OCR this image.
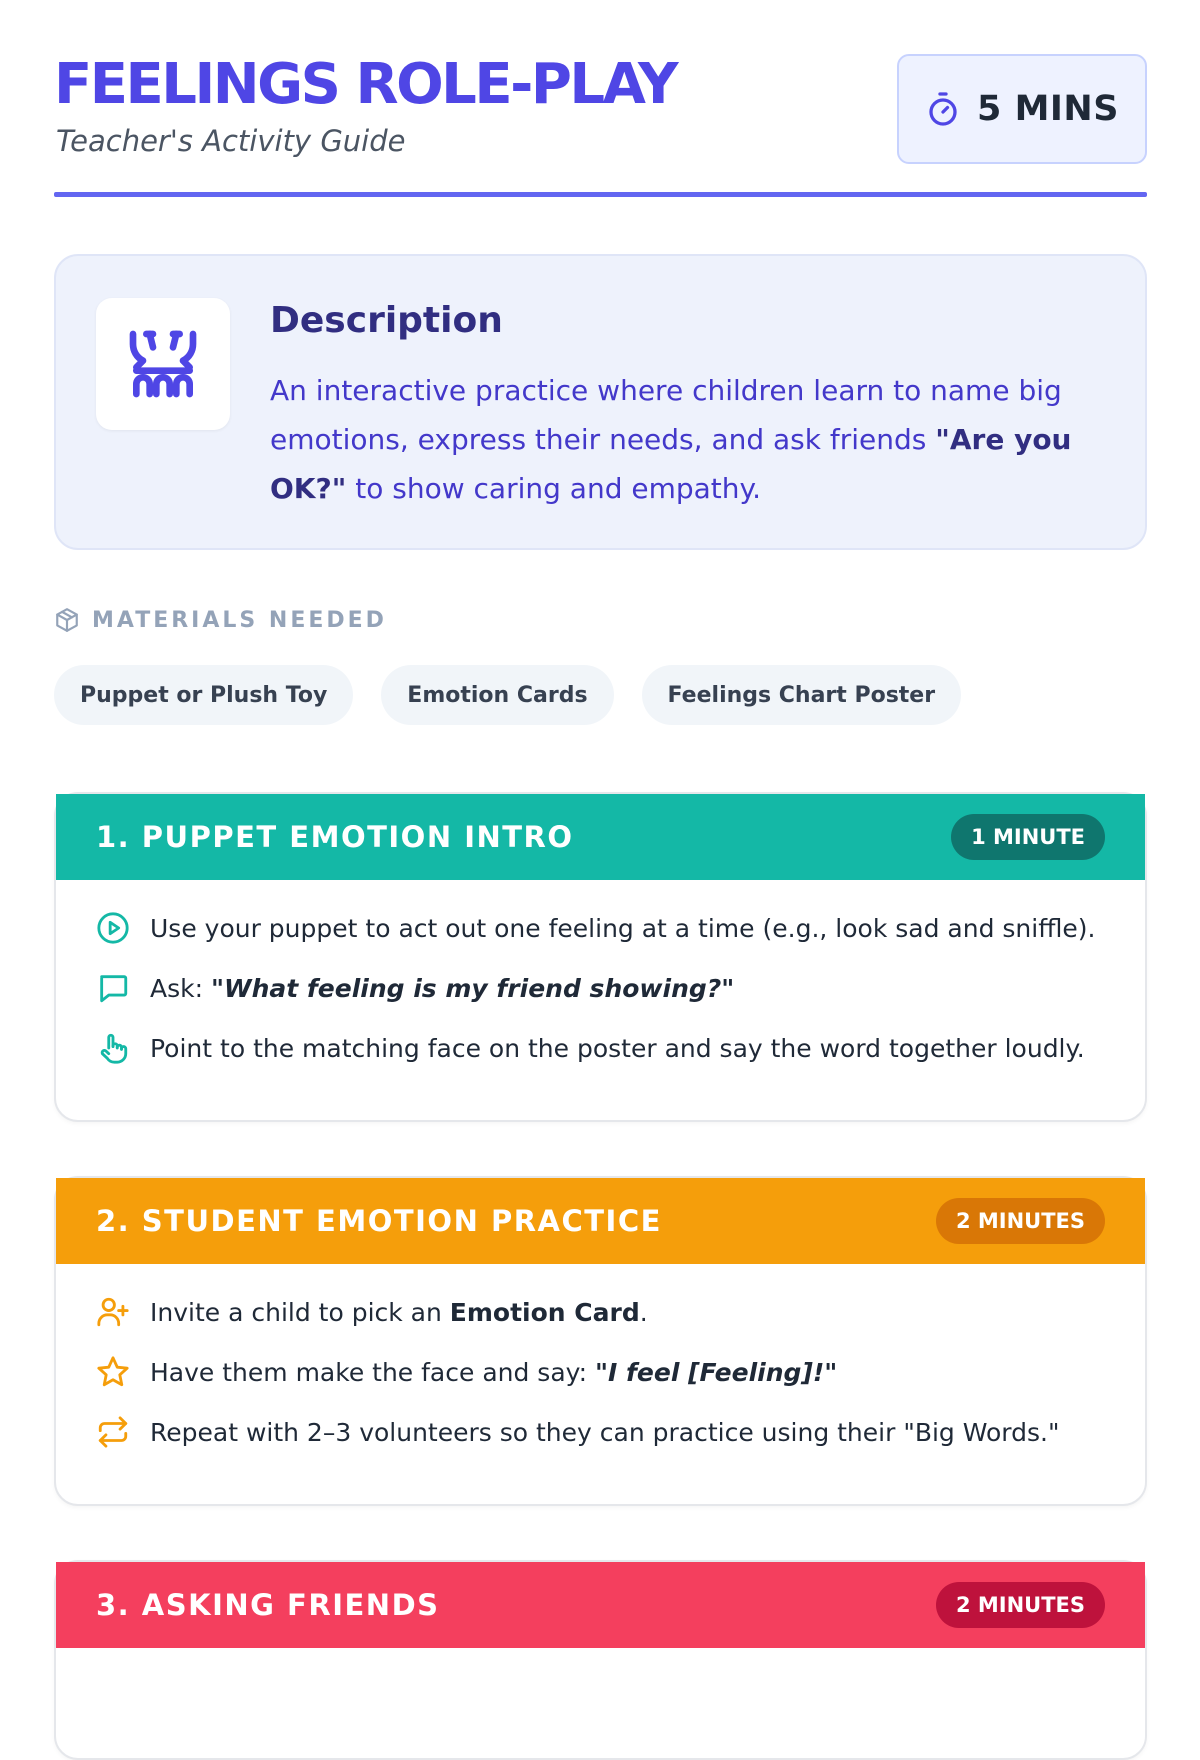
FEELINGS ROLE-PLAY
Teacher's Activity Guide
5 MINS
Description
An interactive practice where children learn to name big emotions, express their needs, and ask friends "Are you OK?" to show caring and empathy.
MATERIALS NEEDED
Puppet or Plush Toy	Emotion Cards	Feelings Chart Poster
1. PUPPET EMOTION INTRO	1 MINUTE
Use your puppet to act out one feeling at a time (e.g., look sad and sniffle).
Ask: "What feeling is my friend showing?"
Point to the matching face on the poster and say the word together loudly.
2. STUDENT EMOTION PRACTICE	2 MINUTES
Invite a child to pick an Emotion Card.
Have them make the face and say: "I feel [Feeling]!"
Repeat with 2–3 volunteers so they can practice using their "Big Words."
3. ASKING FRIENDS	2 MINUTES
